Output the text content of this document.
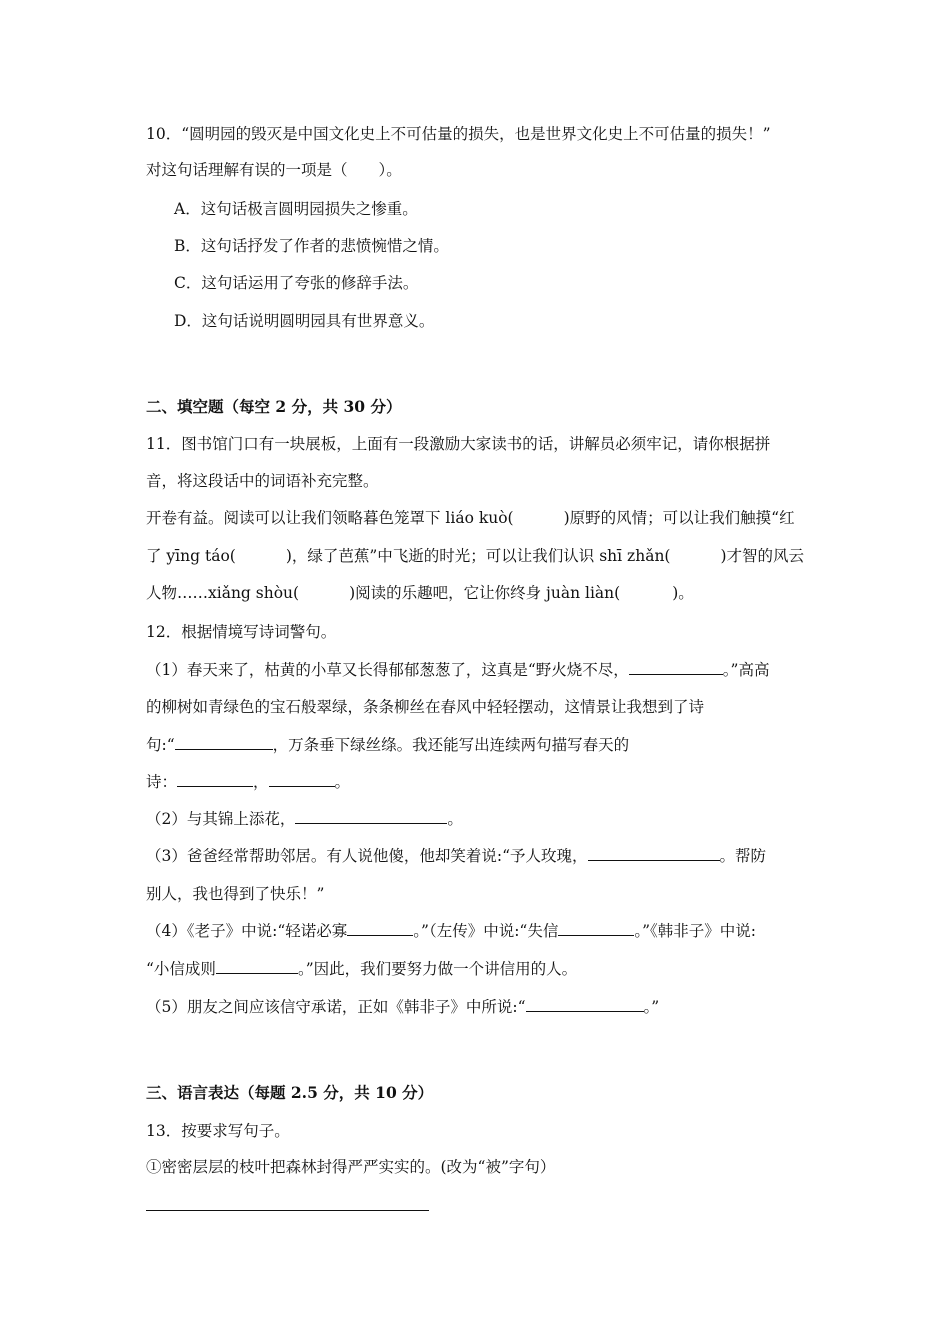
10．“圆明园的毁灭是中国文化史上不可估量的损失，也是世界文化史上不可估量的损失！”
对这句话理解有误的一项是（　　）。
A．这句话极言圆明园损失之惨重。
B．这句话抒发了作者的悲愤惋惜之情。
C．这句话运用了夸张的修辞手法。
D．这句话说明圆明园具有世界意义。
二、填空题（每空 2 分，共 30 分）
11．图书馆门口有一块展板，上面有一段激励大家读书的话，讲解员必须牢记，请你根据拼
音，将这段话中的词语补充完整。
开卷有益。阅读可以让我们领略暮色笼罩下 liáo kuò(	)原野的风情；可以让我们触摸“红
了 yīng táo(	)，绿了芭蕉”中飞逝的时光；可以让我们认识 shī zhǎn(	)才智的风云
人物……xiǎng shòu(	)阅读的乐趣吧，它让你终身 juàn liàn(	)。
12．根据情境写诗词警句。
（1）春天来了，枯黄的小草又长得郁郁葱葱了，这真是“野火烧不尽，	。”高高
的柳树如青绿色的宝石般翠绿，条条柳丝在春风中轻轻摆动，这情景让我想到了诗
句:“	，万条垂下绿丝绦。我还能写出连续两句描写春天的
诗：	，	。
（2）与其锦上添花，	。
（3）爸爸经常帮助邻居。有人说他傻，他却笑着说:“予人玫瑰，	。帮防
别人，我也得到了快乐！”
（4）《老子》中说:“轻诺必寡	。”（左传》中说:“失信	。”《韩非子》中说:
“小信成则	。”因此，我们要努力做一个讲信用的人。
（5）朋友之间应该信守承诺，正如《韩非子》中所说:“	。”
三、语言表达（每题 2.5 分，共 10 分）
13．按要求写句子。
①密密层层的枝叶把森林封得严严实实的。(改为“被”字句）
